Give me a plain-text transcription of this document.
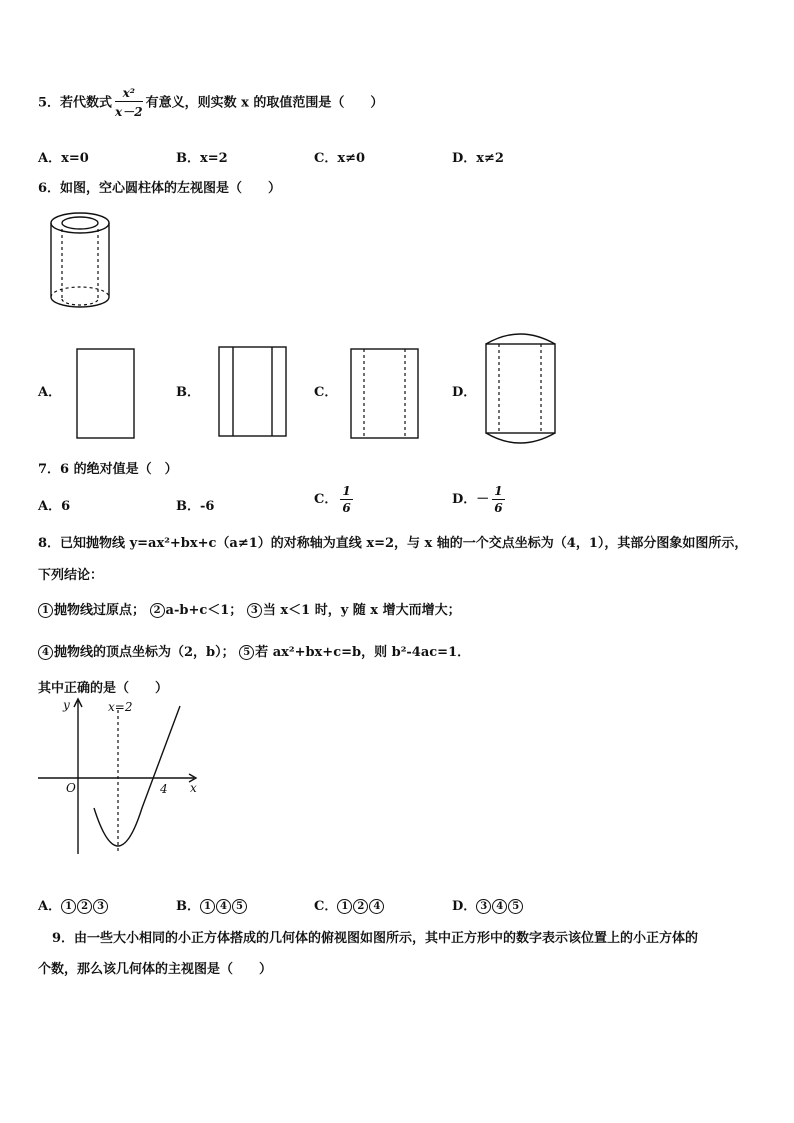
5．若代数式 $\frac{\text{x²}}{x-2}$ 有意义，则实数 x 的取值范围是（　　）
A．x=0	B．x=2	C．x≠0	D．x≠2
6．如图，空心圆柱体的左视图是（　　）
A．	B．	C．	D．
7．6 的绝对值是（　）
A．6	B．-6	C． $\frac{1}{6}$	D．－ $\frac{1}{6}$
8．已知抛物线 y=ax²+bx+c（a≠1）的对称轴为直线 x=2，与 x 轴的一个交点坐标为（4，1），其部分图象如图所示，
下列结论：
1 抛物线过原点； 2 a-b+c＜1； 3 当 x＜1 时，y 随 x 增大而增大；
4 抛物线的顶点坐标为（2，b）； 5 若 ax²+bx+c=b，则 b²-4ac=1．
其中正确的是（　　）
y	x=2
O	4 x
A． 1 2 3	B． 1 4 5	C． 1 2 4	D． 3 4 5
9．由一些大小相同的小正方体搭成的几何体的俯视图如图所示，其中正方形中的数字表示该位置上的小正方体的
个数，那么该几何体的主视图是（　　）
